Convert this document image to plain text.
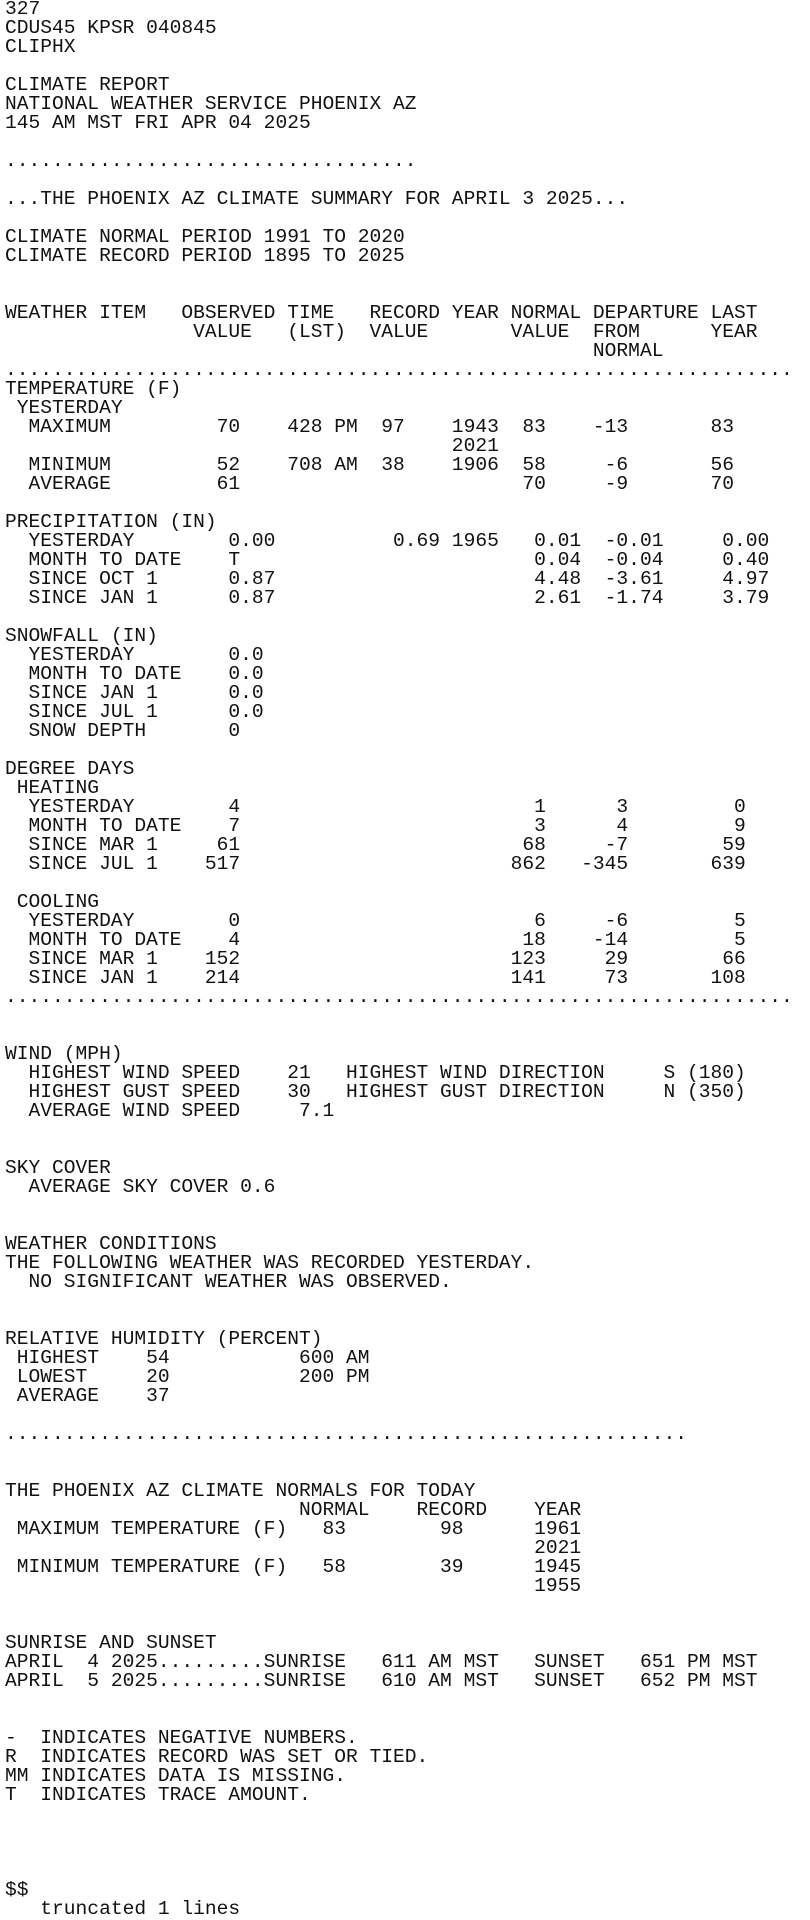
327
CDUS45 KPSR 040845
CLIPHX
CLIMATE REPORT
NATIONAL WEATHER SERVICE PHOENIX AZ
145 AM MST FRI APR 04 2025
...................................
...THE PHOENIX AZ CLIMATE SUMMARY FOR APRIL 3 2025...
CLIMATE NORMAL PERIOD 1991 TO 2020
CLIMATE RECORD PERIOD 1895 TO 2025
WEATHER ITEM   OBSERVED TIME   RECORD YEAR NORMAL DEPARTURE LAST
VALUE   (LST)  VALUE       VALUE  FROM      YEAR
NORMAL
...................................................................
TEMPERATURE (F)
YESTERDAY
MAXIMUM         70    428 PM  97    1943  83    -13       83
2021
MINIMUM         52    708 AM  38    1906  58     -6       56
AVERAGE         61                        70     -9       70
PRECIPITATION (IN)
YESTERDAY        0.00          0.69 1965   0.01  -0.01     0.00
MONTH TO DATE    T                         0.04  -0.04     0.40
SINCE OCT 1      0.87                      4.48  -3.61     4.97
SINCE JAN 1      0.87                      2.61  -1.74     3.79
SNOWFALL (IN)
YESTERDAY        0.0
MONTH TO DATE    0.0
SINCE JAN 1      0.0
SINCE JUL 1      0.0
SNOW DEPTH       0
DEGREE DAYS
HEATING
YESTERDAY        4                         1      3         0
MONTH TO DATE    7                         3      4         9
SINCE MAR 1     61                        68     -7        59
SINCE JUL 1    517                       862   -345       639
COOLING
YESTERDAY        0                         6     -6         5
MONTH TO DATE    4                        18    -14         5
SINCE MAR 1    152                       123     29        66
SINCE JAN 1    214                       141     73       108
...................................................................
WIND (MPH)
HIGHEST WIND SPEED    21   HIGHEST WIND DIRECTION     S (180)
HIGHEST GUST SPEED    30   HIGHEST GUST DIRECTION     N (350)
AVERAGE WIND SPEED     7.1
SKY COVER
AVERAGE SKY COVER 0.6
WEATHER CONDITIONS
THE FOLLOWING WEATHER WAS RECORDED YESTERDAY.
NO SIGNIFICANT WEATHER WAS OBSERVED.
RELATIVE HUMIDITY (PERCENT)
HIGHEST    54           600 AM
LOWEST     20           200 PM
AVERAGE    37
..........................................................
THE PHOENIX AZ CLIMATE NORMALS FOR TODAY
NORMAL    RECORD    YEAR
MAXIMUM TEMPERATURE (F)   83        98      1961
2021
MINIMUM TEMPERATURE (F)   58        39      1945
1955
SUNRISE AND SUNSET
APRIL  4 2025.........SUNRISE   611 AM MST   SUNSET   651 PM MST
APRIL  5 2025.........SUNRISE   610 AM MST   SUNSET   652 PM MST
-  INDICATES NEGATIVE NUMBERS.
R  INDICATES RECORD WAS SET OR TIED.
MM INDICATES DATA IS MISSING.
T  INDICATES TRACE AMOUNT.
$$
truncated 1 lines
